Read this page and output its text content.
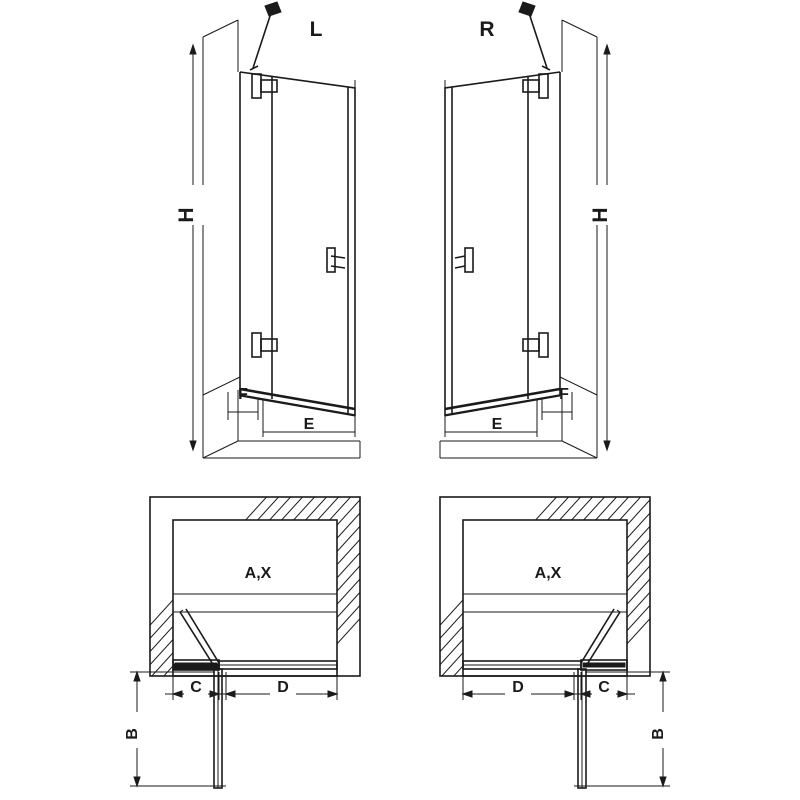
H
F
E
L
H
F
E
R
A,X
C	D
B
A,X
D	C
B
